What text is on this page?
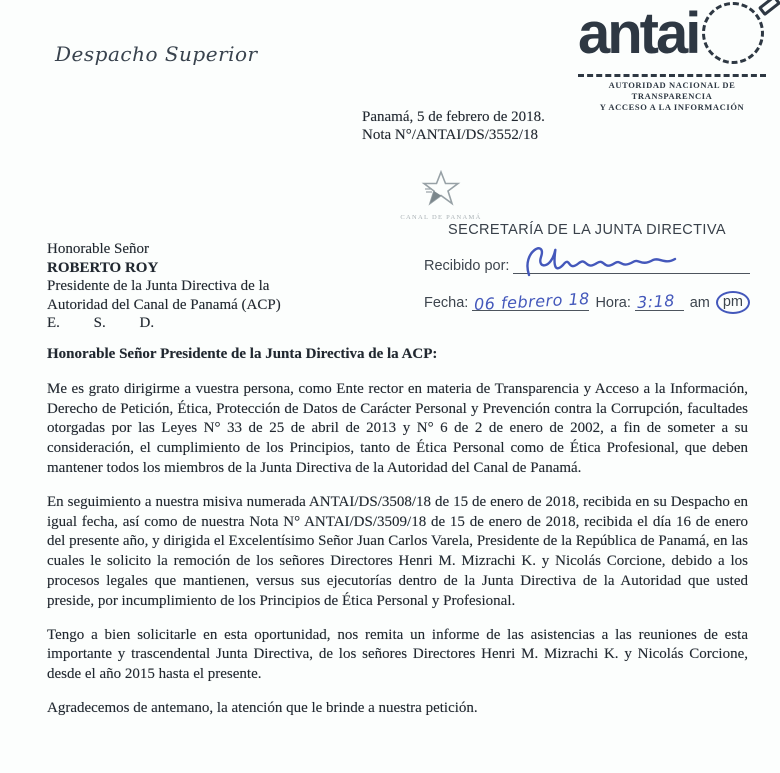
Despacho Superior	antai
AUTORIDAD NACIONAL DE TRANSPARENCIA
Y ACCESO A LA INFORMACIÓN
Panamá, 5 de febrero de 2018.
Nota N°/ANTAI/DS/3552/18
CANAL DE PANAMÁ
SECRETARÍA DE LA JUNTA DIRECTIVA
Recibido por:
Fecha: 06 febrero 18 Hora: 3:18 am pm
Honorable Señor
ROBERTO ROY
Presidente de la Junta Directiva de la
Autoridad del Canal de Panamá (ACP)
E. S. D.

Honorable Señor Presidente de la Junta Directiva de la ACP:

Me es grato dirigirme a vuestra persona, como Ente rector en materia de Transparencia y Acceso a la Información, Derecho de Petición, Ética, Protección de Datos de Carácter Personal y Prevención contra la Corrupción, facultades otorgadas por las Leyes N° 33 de 25 de abril de 2013 y N° 6 de 2 de enero de 2002, a fin de someter a su consideración, el cumplimiento de los Principios, tanto de Ética Personal como de Ética Profesional, que deben mantener todos los miembros de la Junta Directiva de la Autoridad del Canal de Panamá.

En seguimiento a nuestra misiva numerada ANTAI/DS/3508/18 de 15 de enero de 2018, recibida en su Despacho en igual fecha, así como de nuestra Nota N° ANTAI/DS/3509/18 de 15 de enero de 2018, recibida el día 16 de enero del presente año, y dirigida el Excelentísimo Señor Juan Carlos Varela, Presidente de la República de Panamá, en las cuales le solicito la remoción de los señores Directores Henri M. Mizrachi K. y Nicolás Corcione, debido a los procesos legales que mantienen, versus sus ejecutorías dentro de la Junta Directiva de la Autoridad que usted preside, por incumplimiento de los Principios de Ética Personal y Profesional.

Tengo a bien solicitarle en esta oportunidad, nos remita un informe de las asistencias a las reuniones de esta importante y trascendental Junta Directiva, de los señores Directores Henri M. Mizrachi K. y Nicolás Corcione, desde el año 2015 hasta el presente.

Agradecemos de antemano, la atención que le brinde a nuestra petición.
